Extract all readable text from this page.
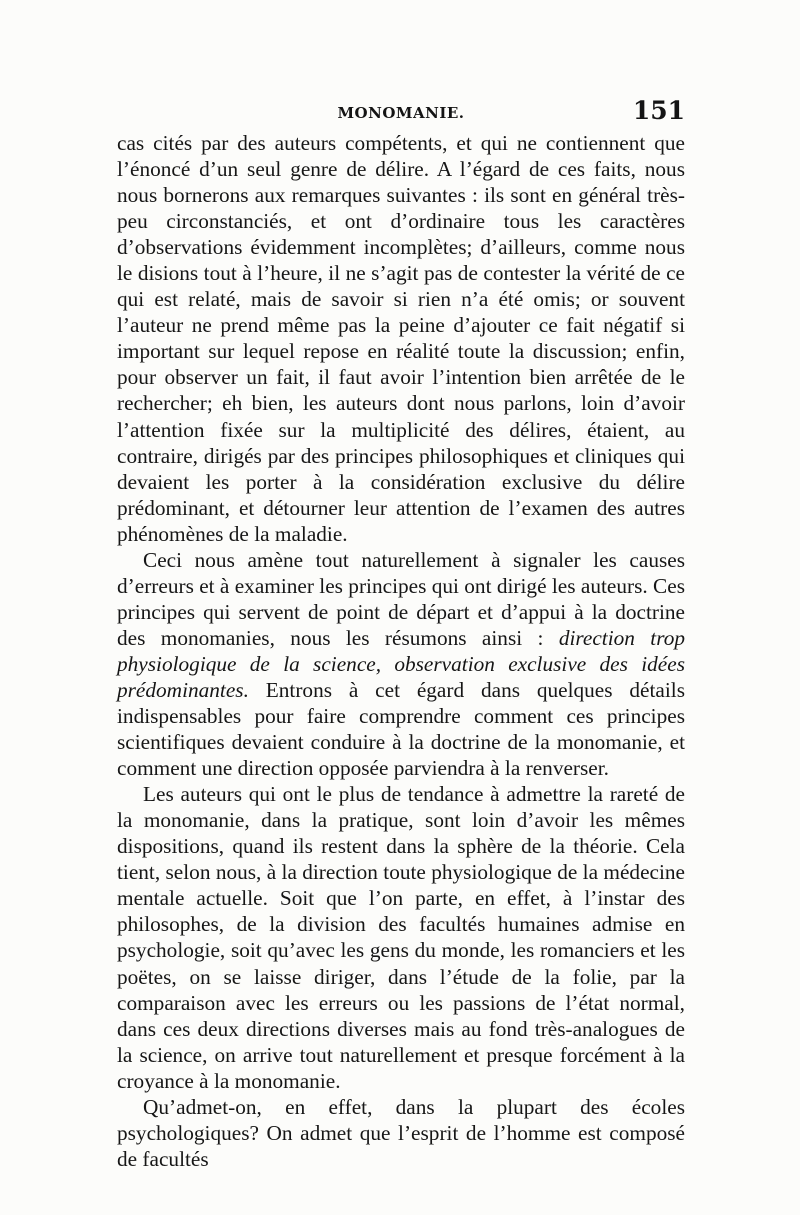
MONOMANIE.	151

cas cités par des auteurs compétents, et qui ne contiennent que l’énoncé d’un seul genre de délire. A l’égard de ces faits, nous nous bornerons aux remarques suivantes : ils sont en général très-peu circonstanciés, et ont d’ordinaire tous les caractères d’observations évidemment incomplètes; d’ailleurs, comme nous le disions tout à l’heure, il ne s’agit pas de contester la vérité de ce qui est relaté, mais de savoir si rien n’a été omis; or souvent l’auteur ne prend même pas la peine d’ajouter ce fait négatif si important sur lequel repose en réalité toute la discussion; enfin, pour observer un fait, il faut avoir l’intention bien arrêtée de le rechercher; eh bien, les auteurs dont nous parlons, loin d’avoir l’attention fixée sur la multiplicité des délires, étaient, au contraire, dirigés par des principes philosophiques et cliniques qui devaient les porter à la considération exclusive du délire prédominant, et détourner leur attention de l’examen des autres phénomènes de la maladie.

Ceci nous amène tout naturellement à signaler les causes d’erreurs et à examiner les principes qui ont dirigé les auteurs. Ces principes qui servent de point de départ et d’appui à la doctrine des monomanies, nous les résumons ainsi : direction trop physiologique de la science, observation exclusive des idées prédominantes. Entrons à cet égard dans quelques détails indispensables pour faire comprendre comment ces principes scientifiques devaient conduire à la doctrine de la monomanie, et comment une direction opposée parviendra à la renverser.

Les auteurs qui ont le plus de tendance à admettre la rareté de la monomanie, dans la pratique, sont loin d’avoir les mêmes dispositions, quand ils restent dans la sphère de la théorie. Cela tient, selon nous, à la direction toute physiologique de la médecine mentale actuelle. Soit que l’on parte, en effet, à l’instar des philosophes, de la division des facultés humaines admise en psychologie, soit qu’avec les gens du monde, les romanciers et les poëtes, on se laisse diriger, dans l’étude de la folie, par la comparaison avec les erreurs ou les passions de l’état normal, dans ces deux directions diverses mais au fond très-analogues de la science, on arrive tout naturellement et presque forcément à la croyance à la monomanie.

Qu’admet-on, en effet, dans la plupart des écoles psychologiques? On admet que l’esprit de l’homme est composé de facultés
